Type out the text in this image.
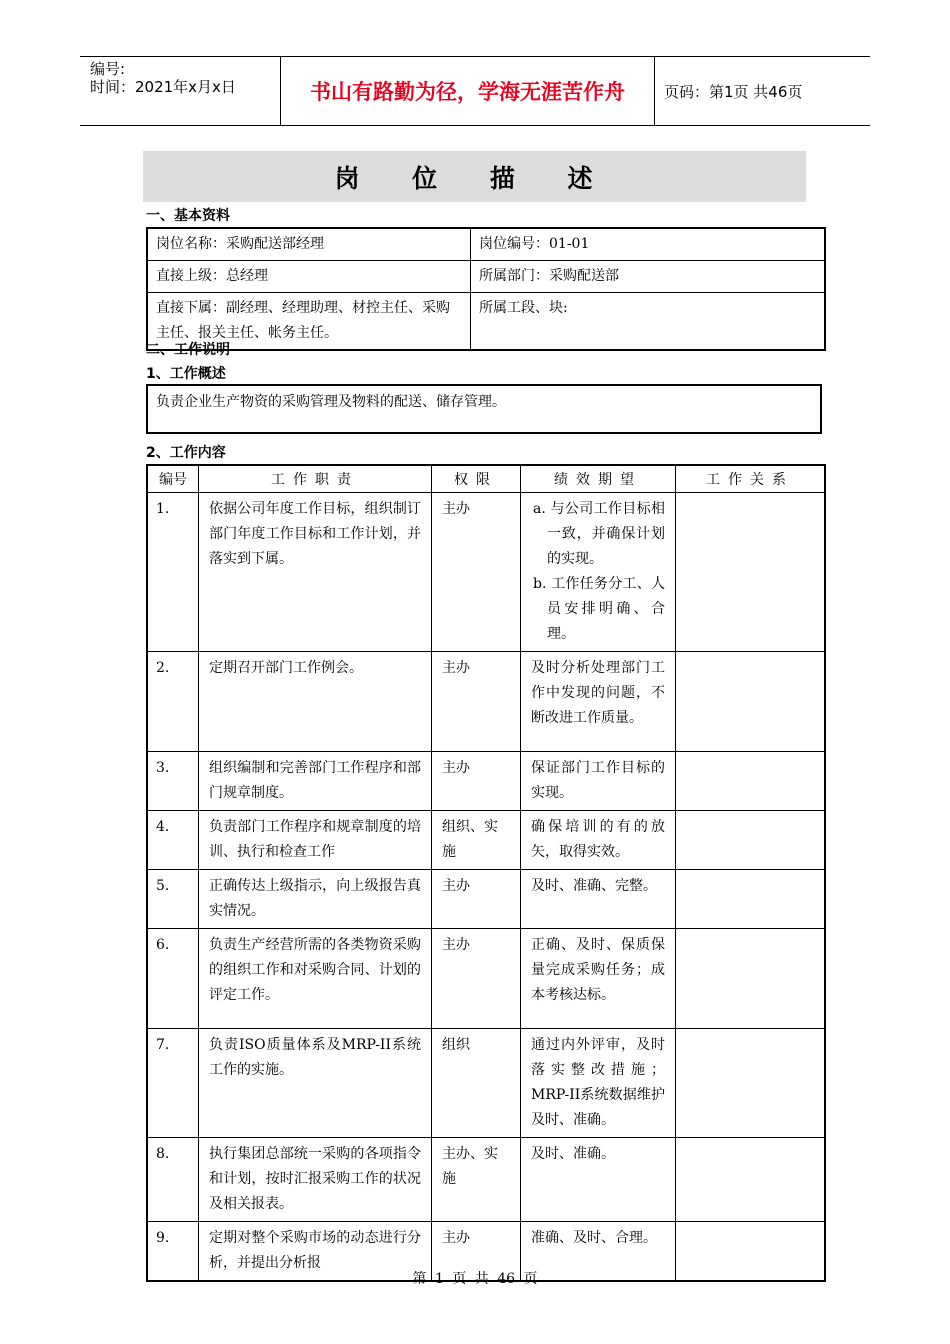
编号:
时间：2021年x月x日	书山有路勤为径，学海无涯苦作舟	页码：第1页 共46页
岗 位 描 述
一、基本资料
岗位名称：采购配送部经理	岗位编号：01-01
直接上级：总经理	所属部门：采购配送部
直接下属：副经理、经理助理、材控主任、采购主任、报关主任、帐务主任。	所属工段、块:
二、工作说明
1、工作概述
负责企业生产物资的采购管理及物料的配送、储存管理。
2、工作内容
编号	工作职责	权限	绩效期望	工作关系
1.	依据公司年度工作目标，组织制订部门年度工作目标和工作计划，并落实到下属。	主办	a. 与公司工作目标相一致，并确保计划的实现。
b. 工作任务分工、人员安排明确、合理。	

2.	定期召开部门工作例会。	主办	及时分析处理部门工作中发现的问题，不断改进工作质量。	
3.	组织编制和完善部门工作程序和部门规章制度。	主办	保证部门工作目标的实现。	
4.	负责部门工作程序和规章制度的培训、执行和检查工作	组织、实施	确保培训的有的放矢，取得实效。	
5.	正确传达上级指示，向上级报告真实情况。	主办	及时、准确、完整。	
6.	负责生产经营所需的各类物资采购的组织工作和对采购合同、计划的评定工作。	主办	正确、及时、保质保量完成采购任务；成本考核达标。	
7.	负责ISO质量体系及MRP-II系统工作的实施。	组织	通过内外评审，及时落实整改措施；MRP-II系统数据维护及时、准确。	
8.	执行集团总部统一采购的各项指令和计划，按时汇报采购工作的状况及相关报表。	主办、实施	及时、准确。	
9.	定期对整个采购市场的动态进行分析，并提出分析报	主办	准确、及时、合理。	
第 1 页 共 46 页
